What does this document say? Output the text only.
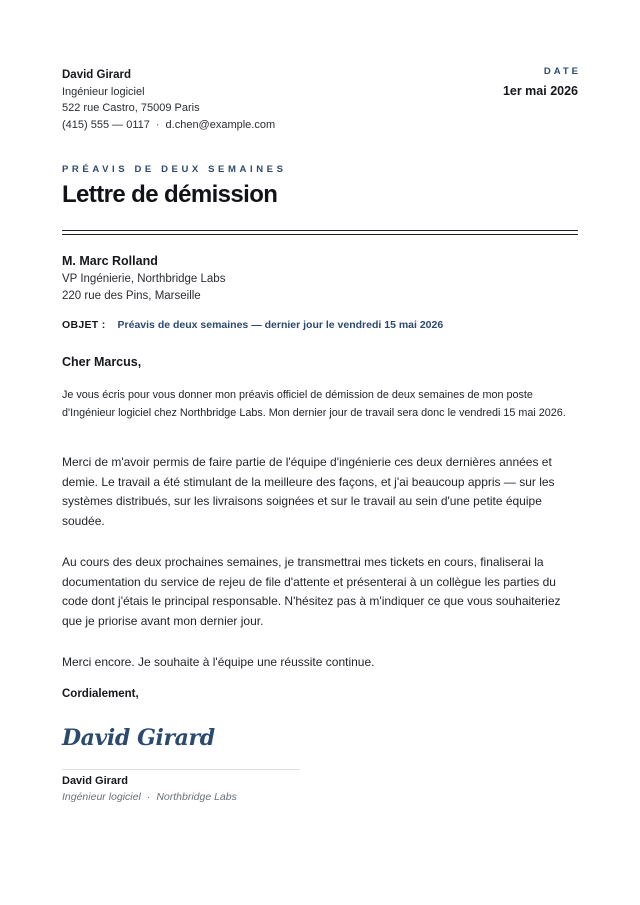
David Girard
Ingénieur logiciel
522 rue Castro, 75009 Paris
(415) 555 — 0117 · d.chen@example.com
DATE
1er mai 2026
PRÉAVIS DE DEUX SEMAINES
Lettre de démission
M. Marc Rolland
VP Ingénierie, Northbridge Labs
220 rue des Pins, Marseille
OBJET : Préavis de deux semaines — dernier jour le vendredi 15 mai 2026
Cher Marcus,
Je vous écris pour vous donner mon préavis officiel de démission de deux semaines de mon poste d'Ingénieur logiciel chez Northbridge Labs. Mon dernier jour de travail sera donc le vendredi 15 mai 2026.
Merci de m'avoir permis de faire partie de l'équipe d'ingénierie ces deux dernières années et demie. Le travail a été stimulant de la meilleure des façons, et j'ai beaucoup appris — sur les systèmes distribués, sur les livraisons soignées et sur le travail au sein d'une petite équipe soudée.
Au cours des deux prochaines semaines, je transmettrai mes tickets en cours, finaliserai la documentation du service de rejeu de file d'attente et présenterai à un collègue les parties du code dont j'étais le principal responsable. N'hésitez pas à m'indiquer ce que vous souhaiteriez que je priorise avant mon dernier jour.
Merci encore. Je souhaite à l'équipe une réussite continue.
Cordialement,
David Girard
David Girard
Ingénieur logiciel · Northbridge Labs
